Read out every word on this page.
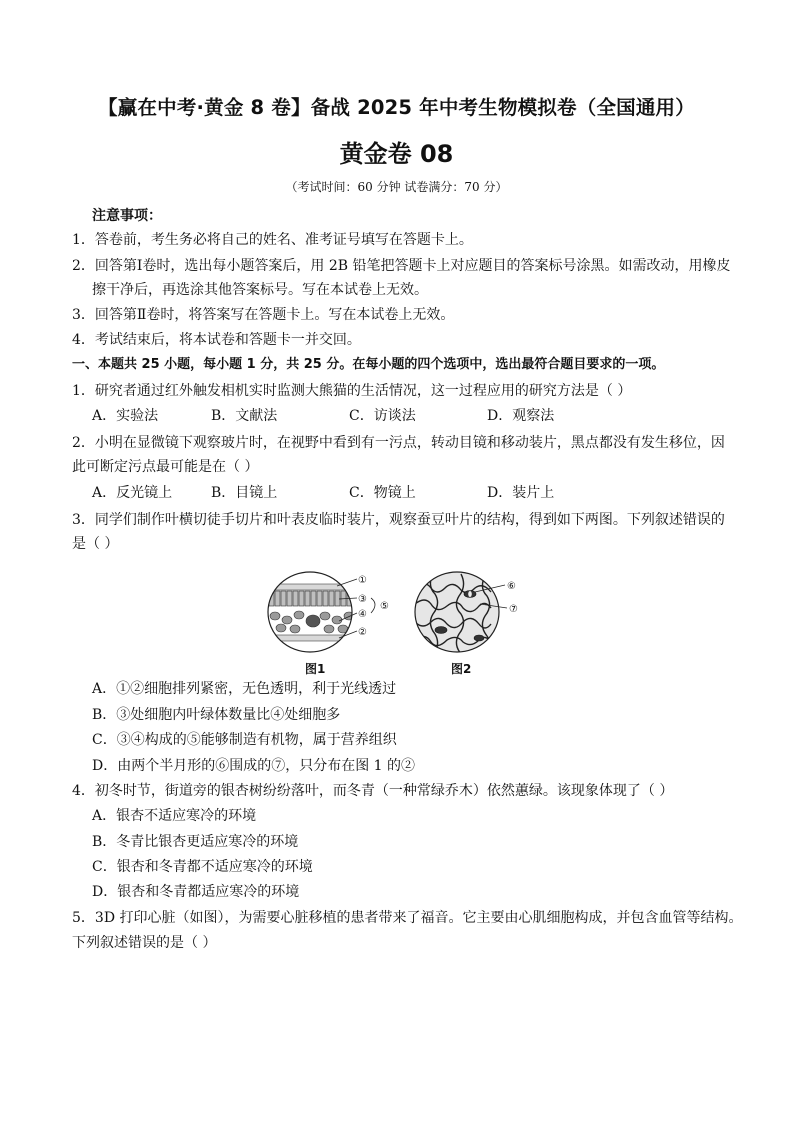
【赢在中考·黄金 8 卷】备战 2025 年中考生物模拟卷（全国通用）
黄金卷 08
（考试时间：60 分钟 试卷满分：70 分）
注意事项：
1．答卷前，考生务必将自己的姓名、准考证号填写在答题卡上。
2．回答第Ⅰ卷时，选出每小题答案后，用 2B 铅笔把答题卡上对应题目的答案标号涂黑。如需改动，用橡皮
擦干净后，再选涂其他答案标号。写在本试卷上无效。
3．回答第Ⅱ卷时，将答案写在答题卡上。写在本试卷上无效。
4．考试结束后，将本试卷和答题卡一并交回。
一、本题共 25 小题，每小题 1 分，共 25 分。在每小题的四个选项中，选出最符合题目要求的一项。
1．研究者通过红外触发相机实时监测大熊猫的生活情况，这一过程应用的研究方法是（ ）
A．实验法	B．文献法	C．访谈法	D．观察法
2．小明在显微镜下观察玻片时，在视野中看到有一污点，转动目镜和移动装片，黑点都没有发生移位，因
此可断定污点最可能是在（ ）
A．反光镜上	B．目镜上	C．物镜上	D．装片上
3．同学们制作叶横切徒手切片和叶表皮临时装片，观察蚕豆叶片的结构，得到如下两图。下列叙述错误的
是（ ）
①
③
④
⑤
②
⑥
⑦
图1	图2
A．①②细胞排列紧密，无色透明，利于光线透过
B．③处细胞内叶绿体数量比④处细胞多
C．③④构成的⑤能够制造有机物，属于营养组织
D．由两个半月形的⑥围成的⑦，只分布在图 1 的②
4．初冬时节，街道旁的银杏树纷纷落叶，而冬青（一种常绿乔木）依然蕙绿。该现象体现了（ ）
A．银杏不适应寒冷的环境
B．冬青比银杏更适应寒冷的环境
C．银杏和冬青都不适应寒冷的环境
D．银杏和冬青都适应寒冷的环境
5．3D 打印心脏（如图），为需要心脏移植的患者带来了福音。它主要由心肌细胞构成，并包含血管等结构。
下列叙述错误的是（ ）
